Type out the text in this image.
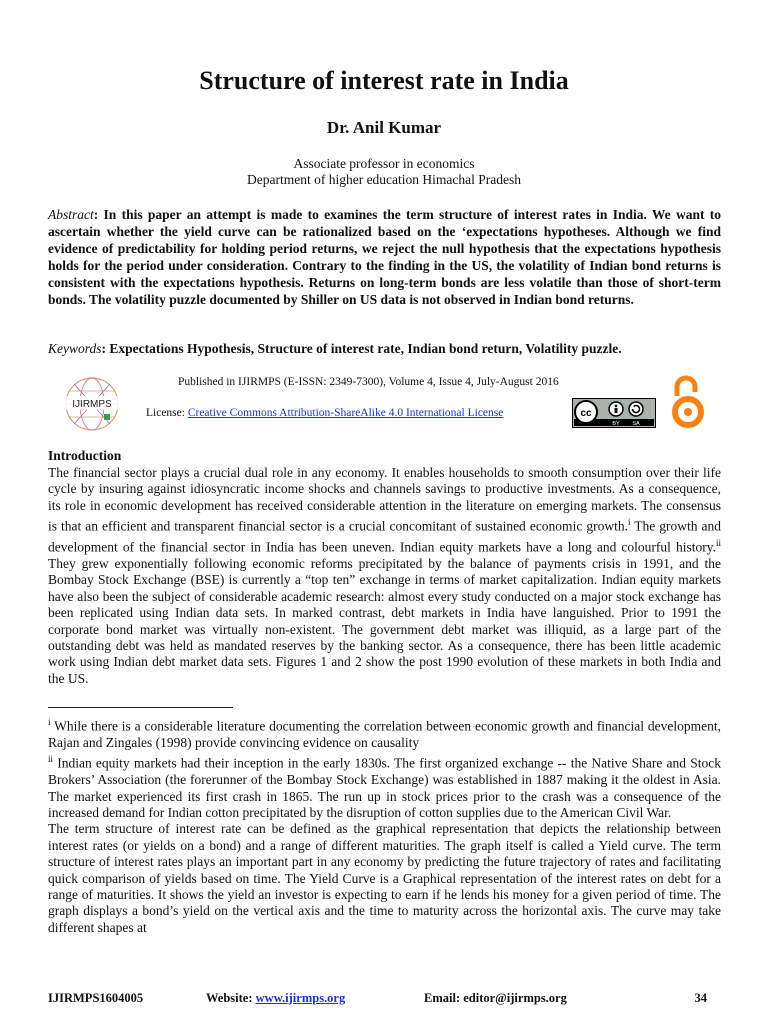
Structure of interest rate in India
Dr. Anil Kumar
Associate professor in economics
Department of higher education Himachal Pradesh
Abstract: In this paper an attempt is made to examines the term structure of interest rates in India. We want to ascertain whether the yield curve can be rationalized based on the ‘expectations hypotheses. Although we find evidence of predictability for holding period returns, we reject the null hypothesis that the expectations hypothesis holds for the period under consideration. Contrary to the finding in the US, the volatility of Indian bond returns is consistent with the expectations hypothesis. Returns on long-term bonds are less volatile than those of short-term bonds. The volatility puzzle documented by Shiller on US data is not observed in Indian bond returns.
Keywords: Expectations Hypothesis, Structure of interest rate, Indian bond return, Volatility puzzle.
IJIRMPS
Published in IJIRMPS (E-ISSN: 2349-7300), Volume 4, Issue 4, July-August 2016
License: Creative Commons Attribution-ShareAlike 4.0 International License	cc
BY SA
Introduction

The financial sector plays a crucial dual role in any economy. It enables households to smooth consumption over their life cycle by insuring against idiosyncratic income shocks and channels savings to productive investments. As a consequence, its role in economic development has received considerable attention in the literature on emerging markets. The consensus is that an efficient and transparent financial sector is a crucial concomitant of sustained economic growth.$^i$ The growth and development of the financial sector in India has been uneven. Indian equity markets have a long and colourful history.$^{ii}$ They grew exponentially following economic reforms precipitated by the balance of payments crisis in 1991, and the Bombay Stock Exchange (BSE) is currently a “top ten” exchange in terms of market capitalization. Indian equity markets have also been the subject of considerable academic research: almost every study conducted on a major stock exchange has been replicated using Indian data sets. In marked contrast, debt markets in India have languished. Prior to 1991 the corporate bond market was virtually non-existent. The government debt market was illiquid, as a large part of the outstanding debt was held as mandated reserves by the banking sector. As a consequence, there has been little academic work using Indian debt market data sets. Figures 1 and 2 show the post 1990 evolution of these markets in both India and the US.

$^i$ While there is a considerable literature documenting the correlation between economic growth and financial development, Rajan and Zingales (1998) provide convincing evidence on causality

$^{ii}$ Indian equity markets had their inception in the early 1830s. The first organized exchange -- the Native Share and Stock Brokers’ Association (the forerunner of the Bombay Stock Exchange) was established in 1887 making it the oldest in Asia. The market experienced its first crash in 1865. The run up in stock prices prior to the crash was a consequence of the increased demand for Indian cotton precipitated by the disruption of cotton supplies due to the American Civil War.

The term structure of interest rate can be defined as the graphical representation that depicts the relationship between interest rates (or yields on a bond) and a range of different maturities. The graph itself is called a Yield curve. The term structure of interest rates plays an important part in any economy by predicting the future trajectory of rates and facilitating quick comparison of yields based on time. The Yield Curve is a Graphical representation of the interest rates on debt for a range of maturities. It shows the yield an investor is expecting to earn if he lends his money for a given period of time. The graph displays a bond’s yield on the vertical axis and the time to maturity across the horizontal axis. The curve may take different shapes at

IJIRMPS1604005	Website: www.ijirmps.org	Email: editor@ijirmps.org	34
